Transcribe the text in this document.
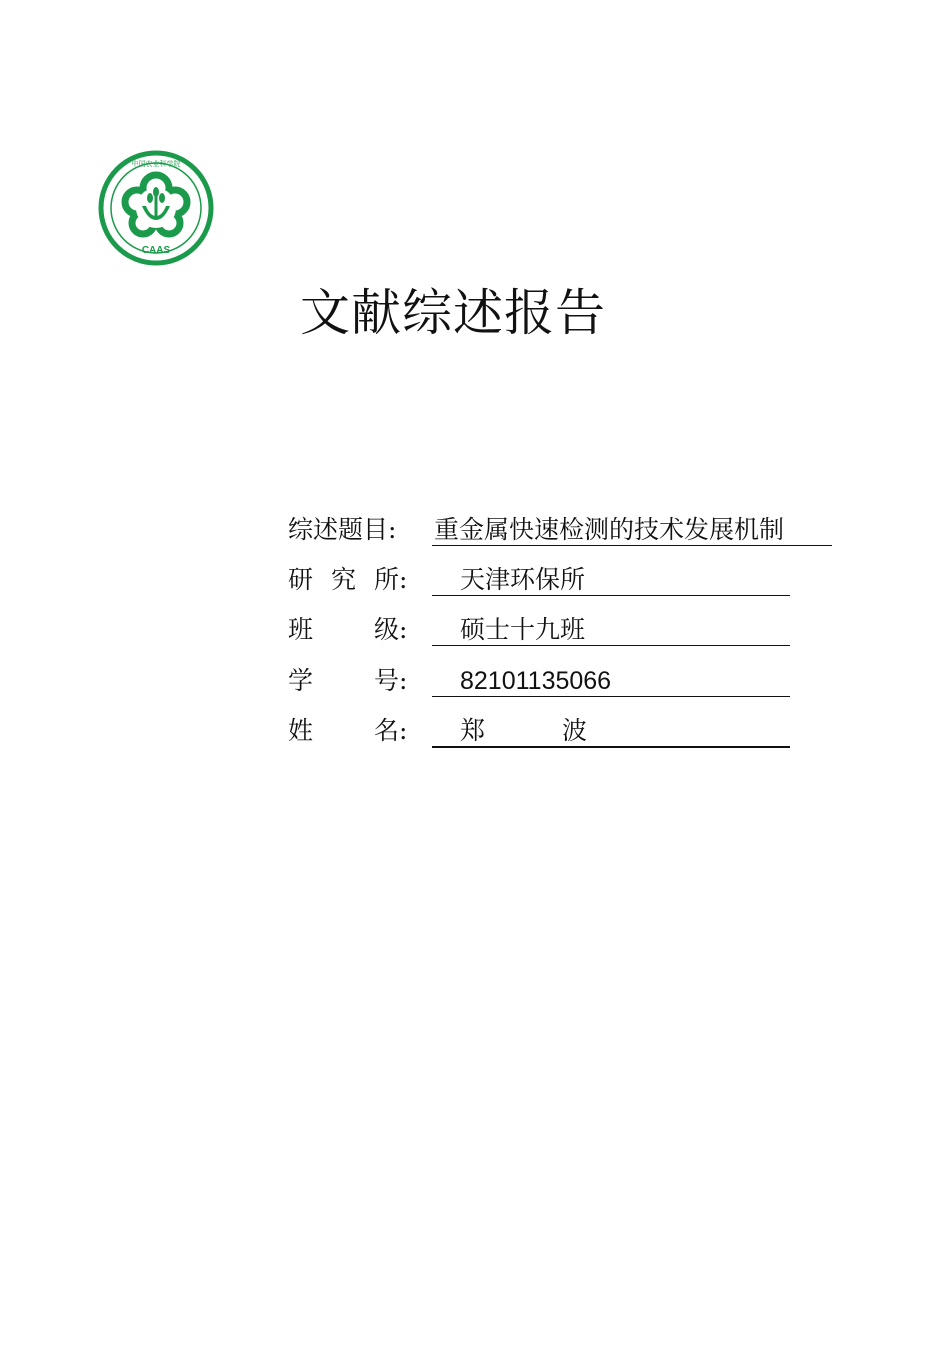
CAAS
中国农业科学院
文献综述报告
综述题目: 重金属快速检测的技术发展机制
研 究 所: 天津环保所
班 级: 硕士十九班
学 号: 82101135066
姓 名: 郑	波
